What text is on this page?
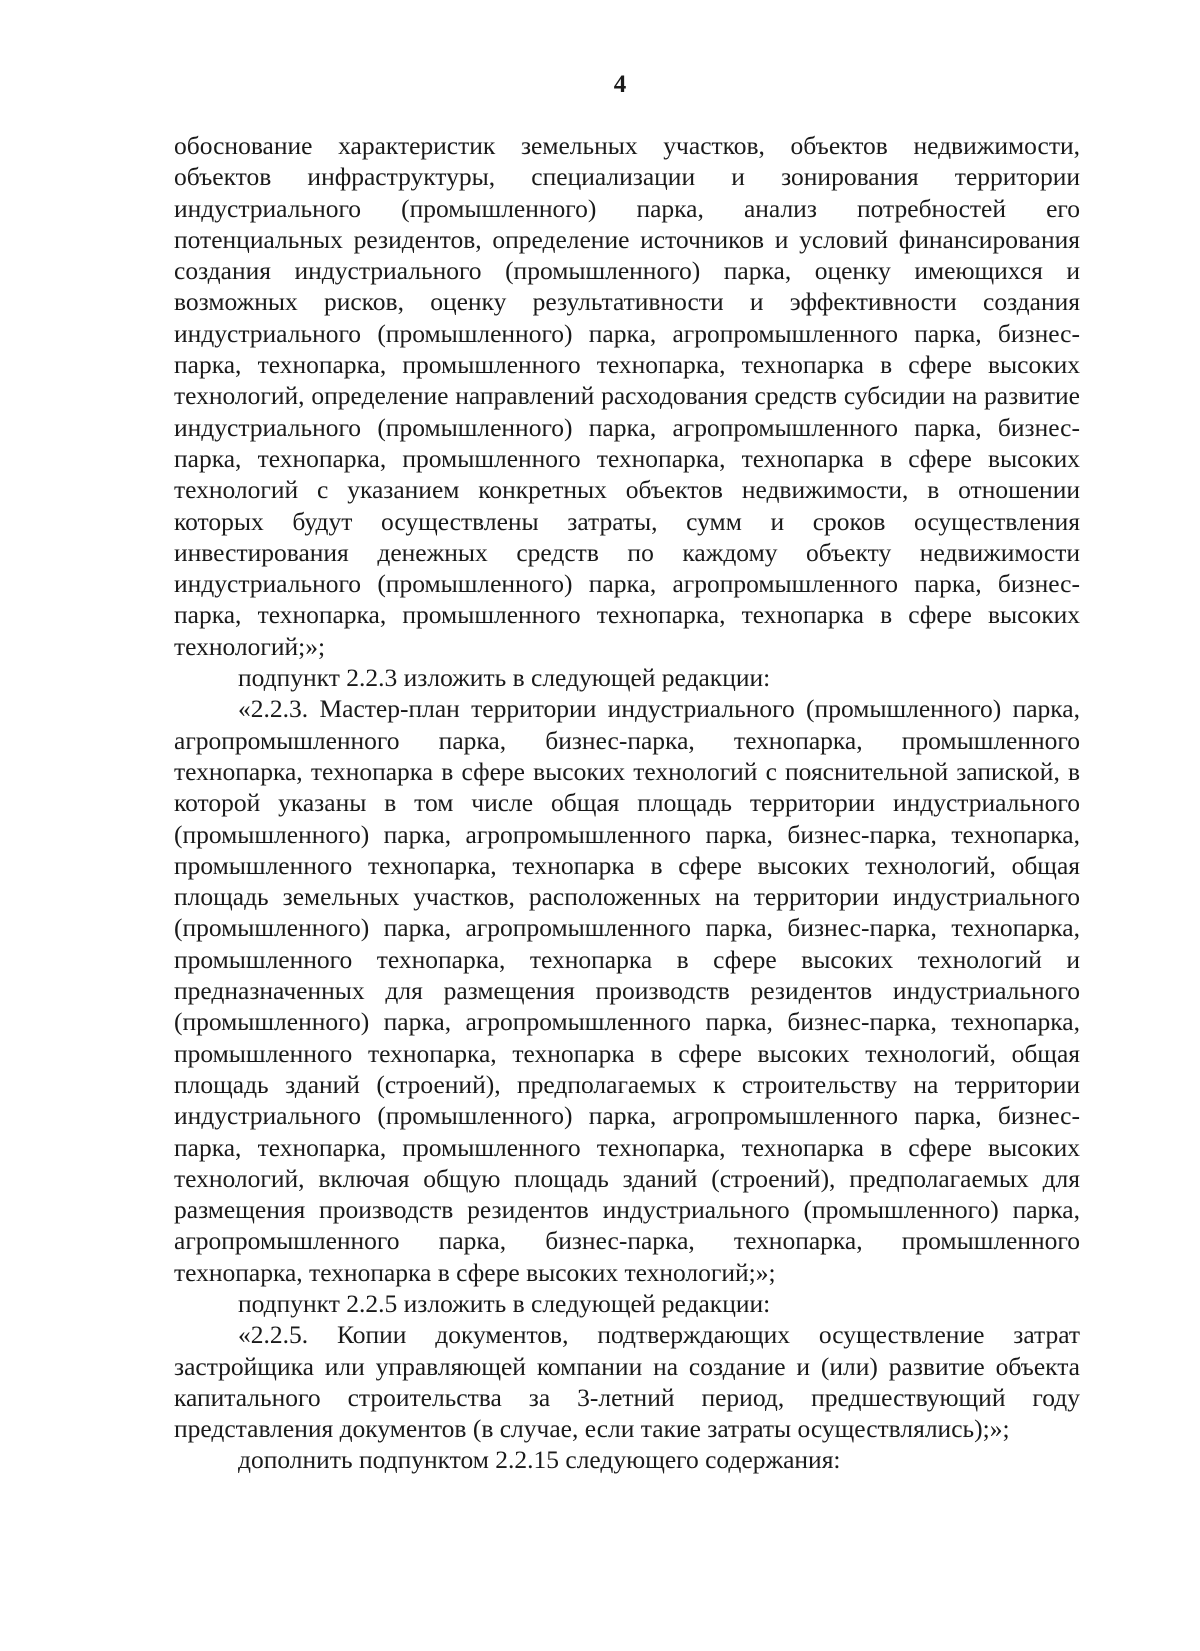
4

обоснование характеристик земельных участков, объектов недвижимости, объектов инфраструктуры, специализации и зонирования территории индустриального (промышленного) парка, анализ потребностей его потенциальных резидентов, определение источников и условий финансирования создания индустриального (промышленного) парка, оценку имеющихся и возможных рисков, оценку результативности и эффективности создания индустриального (промышленного) парка, агропромышленного парка, бизнес-парка, технопарка, промышленного технопарка, технопарка в сфере высоких технологий, определение направлений расходования средств субсидии на развитие индустриального (промышленного) парка, агропромышленного парка, бизнес-парка, технопарка, промышленного технопарка, технопарка в сфере высоких технологий с указанием конкретных объектов недвижимости, в отношении которых будут осуществлены затраты, сумм и сроков осуществления инвестирования денежных средств по каждому объекту недвижимости индустриального (промышленного) парка, агропромышленного парка, бизнес-парка, технопарка, промышленного технопарка, технопарка в сфере высоких технологий;»;

подпункт 2.2.3 изложить в следующей редакции:

«2.2.3. Мастер-план территории индустриального (промышленного) парка, агропромышленного парка, бизнес-парка, технопарка, промышленного технопарка, технопарка в сфере высоких технологий с пояснительной запиской, в которой указаны в том числе общая площадь территории индустриального (промышленного) парка, агропромышленного парка, бизнес-парка, технопарка, промышленного технопарка, технопарка в сфере высоких технологий, общая площадь земельных участков, расположенных на территории индустриального (промышленного) парка, агропромышленного парка, бизнес-парка, технопарка, промышленного технопарка, технопарка в сфере высоких технологий и предназначенных для размещения производств резидентов индустриального (промышленного) парка, агропромышленного парка, бизнес-парка, технопарка, промышленного технопарка, технопарка в сфере высоких технологий, общая площадь зданий (строений), предполагаемых к строительству на территории индустриального (промышленного) парка, агропромышленного парка, бизнес-парка, технопарка, промышленного технопарка, технопарка в сфере высоких технологий, включая общую площадь зданий (строений), предполагаемых для размещения производств резидентов индустриального (промышленного) парка, агропромышленного парка, бизнес-парка, технопарка, промышленного технопарка, технопарка в сфере высоких технологий;»;

подпункт 2.2.5 изложить в следующей редакции:

«2.2.5. Копии документов, подтверждающих осуществление затрат застройщика или управляющей компании на создание и (или) развитие объекта капитального строительства за 3-летний период, предшествующий году представления документов (в случае, если такие затраты осуществлялись);»;

дополнить подпунктом 2.2.15 следующего содержания:
